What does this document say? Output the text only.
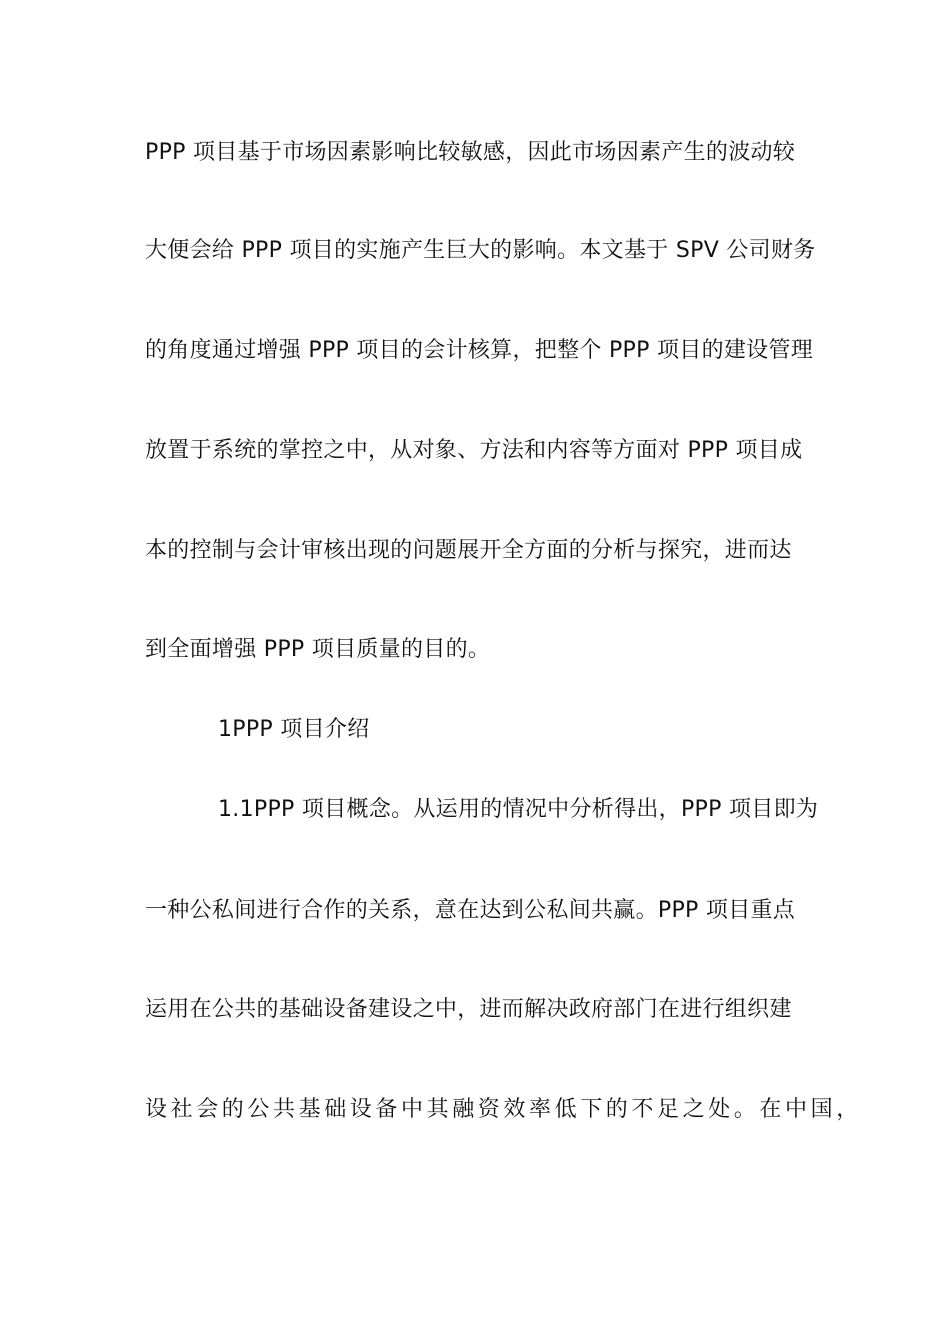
PPP 项目基于市场因素影响比较敏感，因此市场因素产生的波动较
大便会给 PPP 项目的实施产生巨大的影响。本文基于 SPV 公司财务
的角度通过增强 PPP 项目的会计核算，把整个 PPP 项目的建设管理
放置于系统的掌控之中，从对象、方法和内容等方面对 PPP 项目成
本的控制与会计审核出现的问题展开全方面的分析与探究，进而达
到全面增强 PPP 项目质量的目的。
1PPP 项目介绍
1.1PPP 项目概念。从运用的情况中分析得出，PPP 项目即为
一种公私间进行合作的关系，意在达到公私间共赢。PPP 项目重点
运用在公共的基础设备建设之中，进而解决政府部门在进行组织建
设社会的公共基础设备中其融资效率低下的不足之处。在中国，
